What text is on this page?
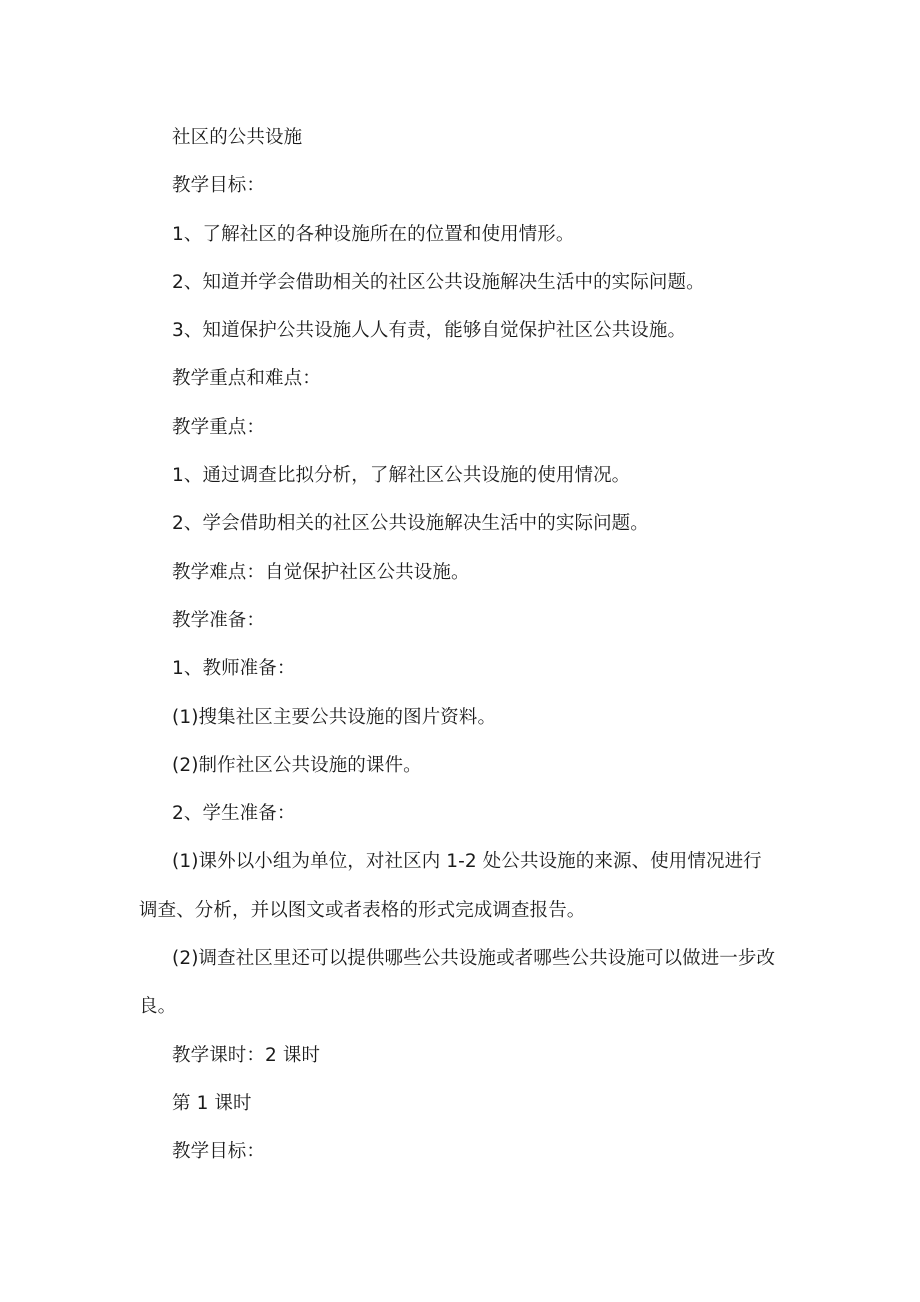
社区的公共设施

教学目标：

1、了解社区的各种设施所在的位置和使用情形。

2、知道并学会借助相关的社区公共设施解决生活中的实际问题。

3、知道保护公共设施人人有责，能够自觉保护社区公共设施。

教学重点和难点：

教学重点：

1、通过调查比拟分析，了解社区公共设施的使用情况。

2、学会借助相关的社区公共设施解决生活中的实际问题。

教学难点：自觉保护社区公共设施。

教学准备：

1、教师准备：

(1)搜集社区主要公共设施的图片资料。

(2)制作社区公共设施的课件。

2、学生准备：

(1)课外以小组为单位，对社区内 1-2 处公共设施的来源、使用情况进行调查、分析，并以图文或者表格的形式完成调查报告。

(2)调查社区里还可以提供哪些公共设施或者哪些公共设施可以做进一步改良。

教学课时：2 课时

第 1 课时

教学目标：
